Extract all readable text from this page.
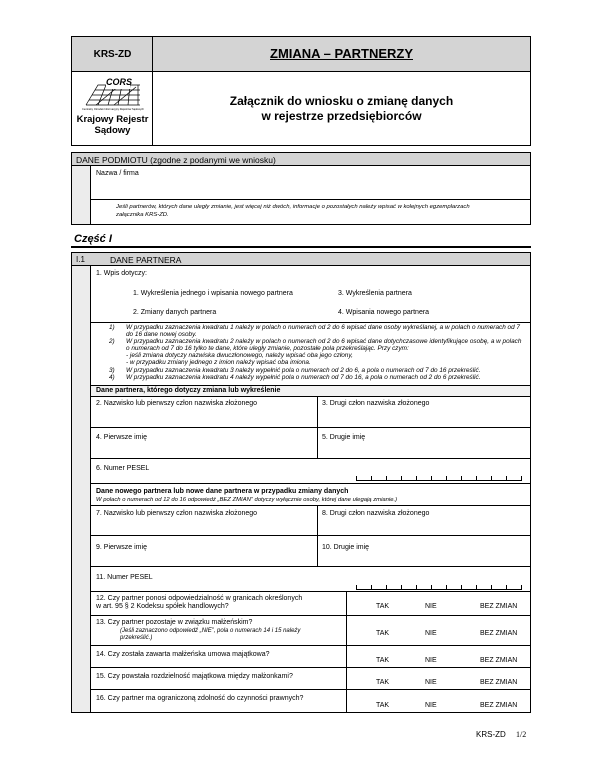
KRS-ZD	ZMIANA – PARTNERZY
CORS
Centralny Ośrodek Informacyjny Rejestrów Sądowych
Krajowy Rejestr
Sądowy
Załącznik do wniosku o zmianę danych
w rejestrze przedsiębiorców
DANE PODMIOTU (zgodne z podanymi we wniosku)
Nazwa / firma
Jeśli partnerów, których dane uległy zmianie, jest więcej niż dwóch, informacje o pozostałych należy wpisać w kolejnych egzemplarzach
załącznika KRS-ZD.
Część I
I.1	DANE PARTNERA
1. Wpis dotyczy:
1. Wykreślenia jednego i wpisania nowego partnera	3. Wykreślenia partnera
2. Zmiany danych partnera	4. Wpisania nowego partnera
1) W przypadku zaznaczenia kwadratu 1 należy w polach o numerach od 2 do 6 wpisać dane osoby wykreślanej, a w polach o numerach od 7
do 16 dane nowej osoby.
2) W przypadku zaznaczenia kwadratu 2 należy w polach o numerach od 2 do 6 wpisać dane dotychczasowe identyfikujące osobę, a w polach
o numerach od 7 do 16 tylko te dane, które uległy zmianie, pozostałe pola przekreślając. Przy czym:
- jeśli zmiana dotyczy nazwiska dwuczłonowego, należy wpisać oba jego człony,
- w przypadku zmiany jednego z imion należy wpisać oba imiona.
3) W przypadku zaznaczenia kwadratu 3 należy wypełnić pola o numerach od 2 do 6, a pola o numerach od 7 do 16 przekreślić.
4) W przypadku zaznaczenia kwadratu 4 należy wypełnić pola o numerach od 7 do 16, a pola o numerach od 2 do 6 przekreślić.
Dane partnera, którego dotyczy zmiana lub wykreślenie
2. Nazwisko lub pierwszy człon nazwiska złożonego	3. Drugi człon nazwiska złożonego
4. Pierwsze imię	5. Drugie imię
6. Numer PESEL
Dane nowego partnera lub nowe dane partnera w przypadku zmiany danych
W polach o numerach od 12 do 16 odpowiedź „BEZ ZMIAN” dotyczy wyłącznie osoby, której dane ulegają zmianie.)
7. Nazwisko lub pierwszy człon nazwiska złożonego	8. Drugi człon nazwiska złożonego
9. Pierwsze imię	10. Drugie imię
11. Numer PESEL
12. Czy partner ponosi odpowiedzialność w granicach określonych
w art. 95 § 2 Kodeksu spółek handlowych?	TAK	NIE	BEZ ZMIAN
13. Czy partner pozostaje w związku małżeńskim?
(Jeśli zaznaczono odpowiedź „NIE”, pola o numerach 14 i 15 należy
przekreślić.)
TAK	NIE	BEZ ZMIAN
14. Czy została zawarta małżeńska umowa majątkowa?
TAK	NIE	BEZ ZMIAN
15. Czy powstała rozdzielność majątkowa między małżonkami?
TAK	NIE	BEZ ZMIAN
16. Czy partner ma ograniczoną zdolność do czynności prawnych?
TAK	NIE	BEZ ZMIAN
KRS-ZD 1/2
